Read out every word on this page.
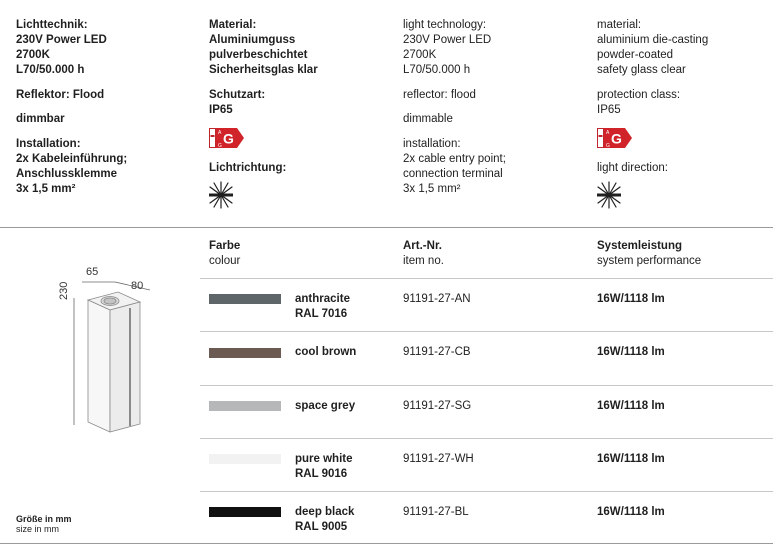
Lichttechnik:
230V Power LED
2700K
L70/50.000 h
Reflektor: Flood
dimmbar
Installation:
2x Kabeleinführung;
Anschlussklemme
3x 1,5 mm²
Material:
Aluminiumguss
pulverbeschichtet
Sicherheitsglas klar
Schutzart:
IP65
A
G G
Lichtrichtung:
light technology:
230V Power LED
2700K
L70/50.000 h
reflector: flood
dimmable
installation:
2x cable entry point;
connection terminal
3x 1,5 mm²
material:
aluminium die-casting
powder-coated
safety glass clear
protection class:
IP65
A
G G
light direction:
65
80
230
Größe in mm
size in mm
Farbe
colour
Art.-Nr.
item no.
Systemleistung
system performance
anthracite
RAL 7016
91191-27-AN	16W/1118 lm
cool brown	91191-27-CB	16W/1118 lm
space grey	91191-27-SG	16W/1118 lm
pure white
RAL 9016
91191-27-WH	16W/1118 lm
deep black
RAL 9005
91191-27-BL	16W/1118 lm
